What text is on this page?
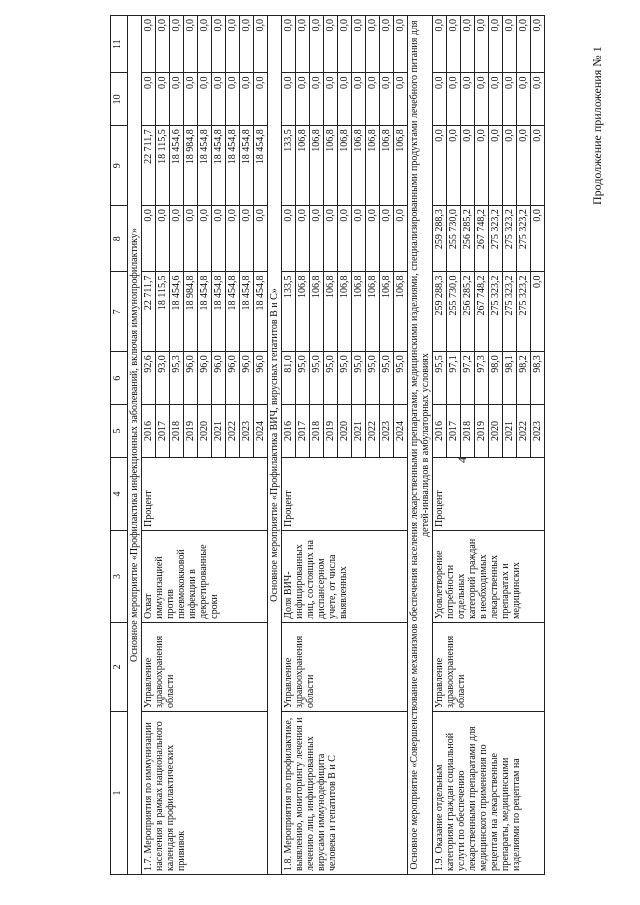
4
Продолжение приложения № 1
1	2	3	4	5	6	7	8	9	10	11
Основное мероприятие «Профилактика инфекционных заболеваний, включая иммунопрофилактику»										
1.7. Мероприятия по иммунизации населения в рамках национального календаря профилактических прививок	Управление здравоохранения области	Охват иммунизацией против пневмококковой инфекции в декретированные сроки	Процент	2016	92,6	22 711,7	0,0	22 711,7	0,0	0,0
				2017	93,0	18 115,5	0,0	18 115,5	0,0	0,0
				2018	95,3	18 454,6	0,0	18 454,6	0,0	0,0
				2019	96,0	18 984,8	0,0	18 984,8	0,0	0,0
				2020	96,0	18 454,8	0,0	18 454,8	0,0	0,0
				2021	96,0	18 454,8	0,0	18 454,8	0,0	0,0
				2022	96,0	18 454,8	0,0	18 454,8	0,0	0,0
				2023	96,0	18 454,8	0,0	18 454,8	0,0	0,0
				2024	96,0	18 454,8	0,0	18 454,8	0,0	0,0
Основное мероприятие «Профилактика ВИЧ, вирусных гепатитов В и С»										
1.8. Мероприятия по профилактике, выявлению, мониторингу лечения и лечению лиц, инфицированных вирусами иммунодефицита человека и гепатитов В и С	Управление здравоохранения области	Доля ВИЧ-инфицированных лиц, состоящих на диспансерном учете, от числа выявленных	Процент	2016	81,0	133,5	0,0	133,5	0,0	0,0
				2017	95,0	106,8	0,0	106,8	0,0	0,0
				2018	95,0	106,8	0,0	106,8	0,0	0,0
				2019	95,0	106,8	0,0	106,8	0,0	0,0
				2020	95,0	106,8	0,0	106,8	0,0	0,0
				2021	95,0	106,8	0,0	106,8	0,0	0,0
				2022	95,0	106,8	0,0	106,8	0,0	0,0
				2023	95,0	106,8	0,0	106,8	0,0	0,0
				2024	95,0	106,8	0,0	106,8	0,0	0,0
Основное мероприятие «Совершенствование механизмов обеспечения населения лекарственными препаратами, медицинскими изделиями, специализированными продуктами лечебного питания для детей-инвалидов в амбулаторных условиях										
1.9. Оказание отдельным категориям граждан социальной услуги по обеспечению лекарственными препаратами для медицинского применения по рецептам на лекарственные препараты, медицинскими изделиями по рецептам на	Управление здравоохранения области	Удовлетворение потребности отдельных категорий граждан в необходимых лекарственных препаратах и медицинских	Процент	2016	95,5	259 288,3	259 288,3	0,0	0,0	0,0
				2017	97,1	255 730,0	255 730,0	0,0	0,0	0,0
				2018	97,2	256 285,2	256 285,2	0,0	0,0	0,0
				2019	97,3	267 748,2	267 748,2	0,0	0,0	0,0
				2020	98,0	275 323,2	275 323,2	0,0	0,0	0,0
				2021	98,1	275 323,2	275 323,2	0,0	0,0	0,0
				2022	98,2	275 323,2	275 323,2	0,0	0,0	0,0
				2023	98,3	0,0	0,0	0,0	0,0	0,0
